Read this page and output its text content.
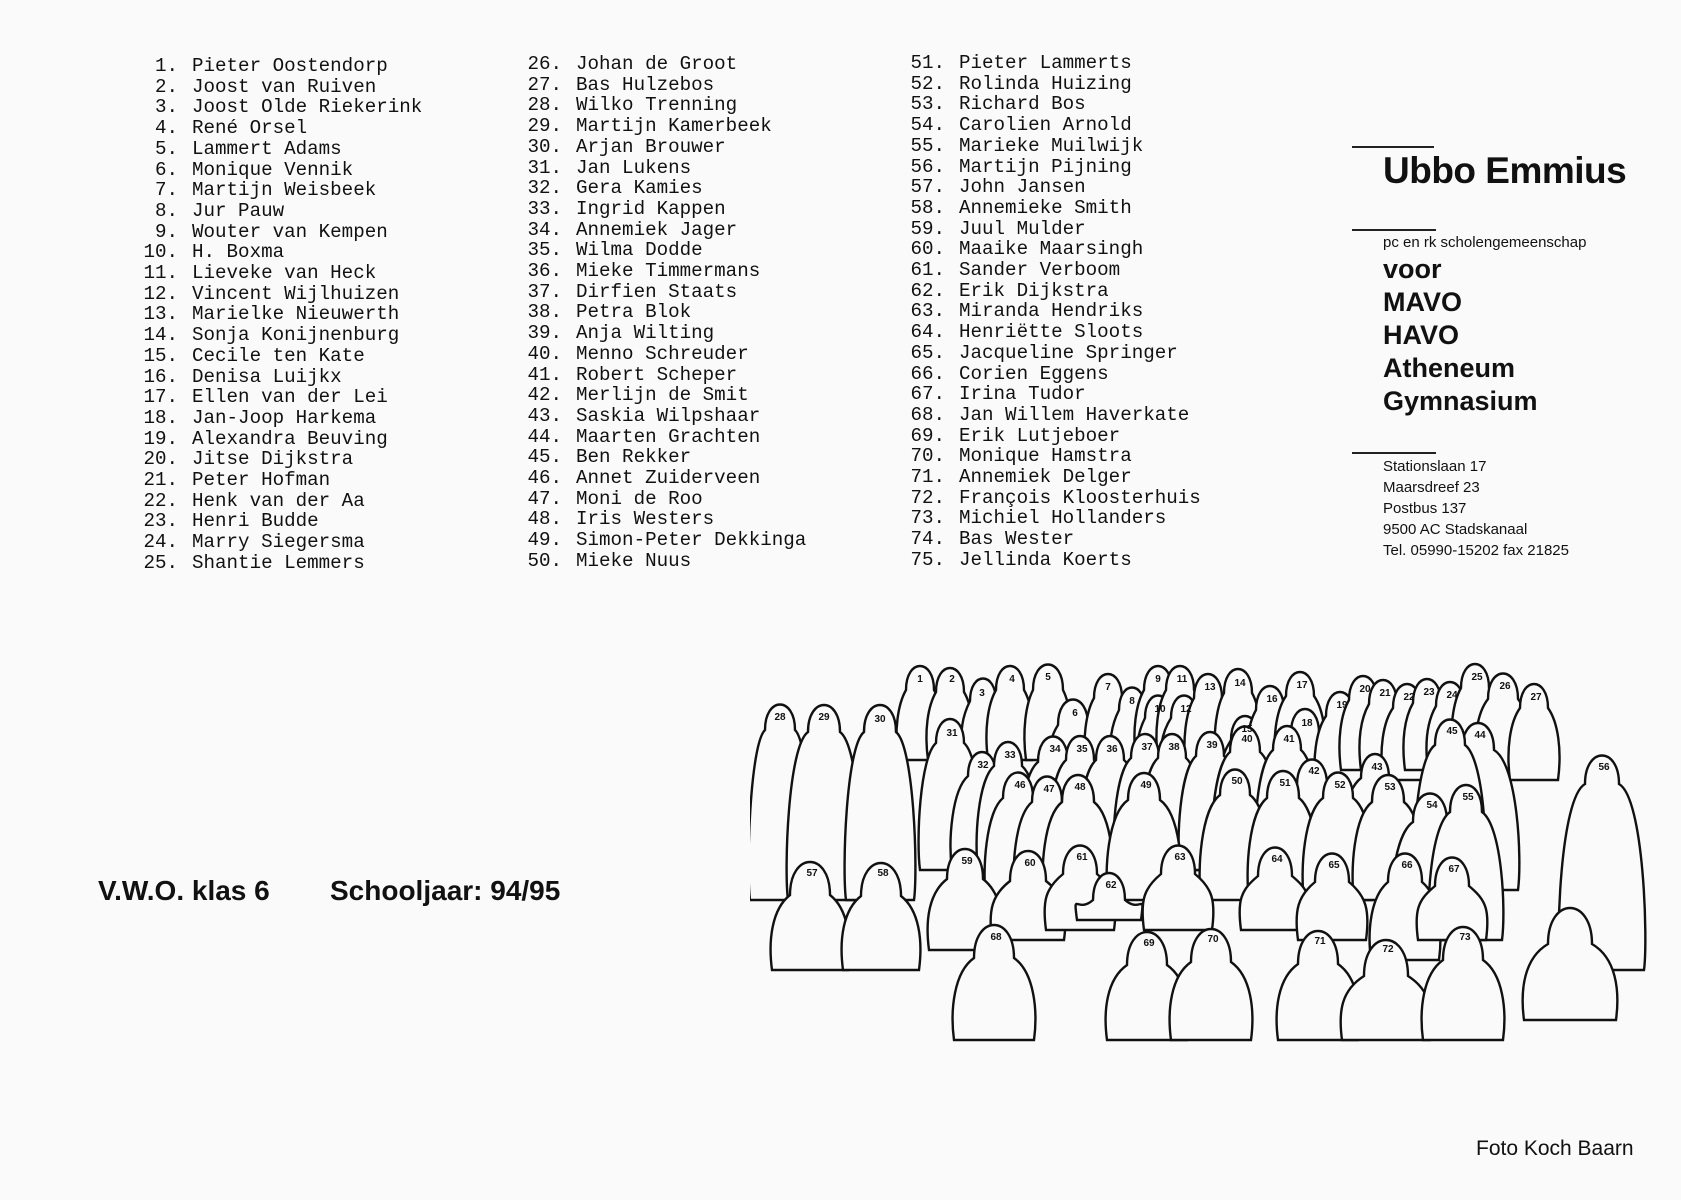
1. Pieter Oostendorp
2. Joost van Ruiven
3. Joost Olde Riekerink
4. René Orsel
5. Lammert Adams
6. Monique Vennik
7. Martijn Weisbeek
8. Jur Pauw
9. Wouter van Kempen
10. H. Boxma
11. Lieveke van Heck
12. Vincent Wijlhuizen
13. Marielke Nieuwerth
14. Sonja Konijnenburg
15. Cecile ten Kate
16. Denisa Luijkx
17. Ellen van der Lei
18. Jan-Joop Harkema
19. Alexandra Beuving
20. Jitse Dijkstra
21. Peter Hofman
22. Henk van der Aa
23. Henri Budde
24. Marry Siegersma
25. Shantie Lemmers
26. Johan de Groot
27. Bas Hulzebos
28. Wilko Trenning
29. Martijn Kamerbeek
30. Arjan Brouwer
31. Jan Lukens
32. Gera Kamies
33. Ingrid Kappen
34. Annemiek Jager
35. Wilma Dodde
36. Mieke Timmermans
37. Dirfien Staats
38. Petra Blok
39. Anja Wilting
40. Menno Schreuder
41. Robert Scheper
42. Merlijn de Smit
43. Saskia Wilpshaar
44. Maarten Grachten
45. Ben Rekker
46. Annet Zuiderveen
47. Moni de Roo
48. Iris Westers
49. Simon-Peter Dekkinga
50. Mieke Nuus
51. Pieter Lammerts
52. Rolinda Huizing
53. Richard Bos
54. Carolien Arnold
55. Marieke Muilwijk
56. Martijn Pijning
57. John Jansen
58. Annemieke Smith
59. Juul Mulder
60. Maaike Maarsingh
61. Sander Verboom
62. Erik Dijkstra
63. Miranda Hendriks
64. Henriëtte Sloots
65. Jacqueline Springer
66. Corien Eggens
67. Irina Tudor
68. Jan Willem Haverkate
69. Erik Lutjeboer
70. Monique Hamstra
71. Annemiek Delger
72. François Kloosterhuis
73. Michiel Hollanders
74. Bas Wester
75. Jellinda Koerts
Ubbo Emmius
pc en rk scholengemeenschap
voor
MAVO
HAVO
Atheneum
Gymnasium
Stationslaan 17
Maarsdreef 23
Postbus 137
9500 AC Stadskanaal
Tel. 05990-15202 fax 21825
V.W.O. klas 6 Schooljaar: 94/95
1	2
3
4	5
6
7
8
9
10
11
12
13 14
15
16
17
18
19
20 21 22 23 24
25
26
27
28	29	30
31
32
33
34 35 36 37 38	39
40	41
42	43
44
45
46 47 48	49	50	51	52	53
54
55
56
57	58
59	60
61
62
63	64
65	66	67
68
69	70	71
72
73
Foto Koch Baarn
